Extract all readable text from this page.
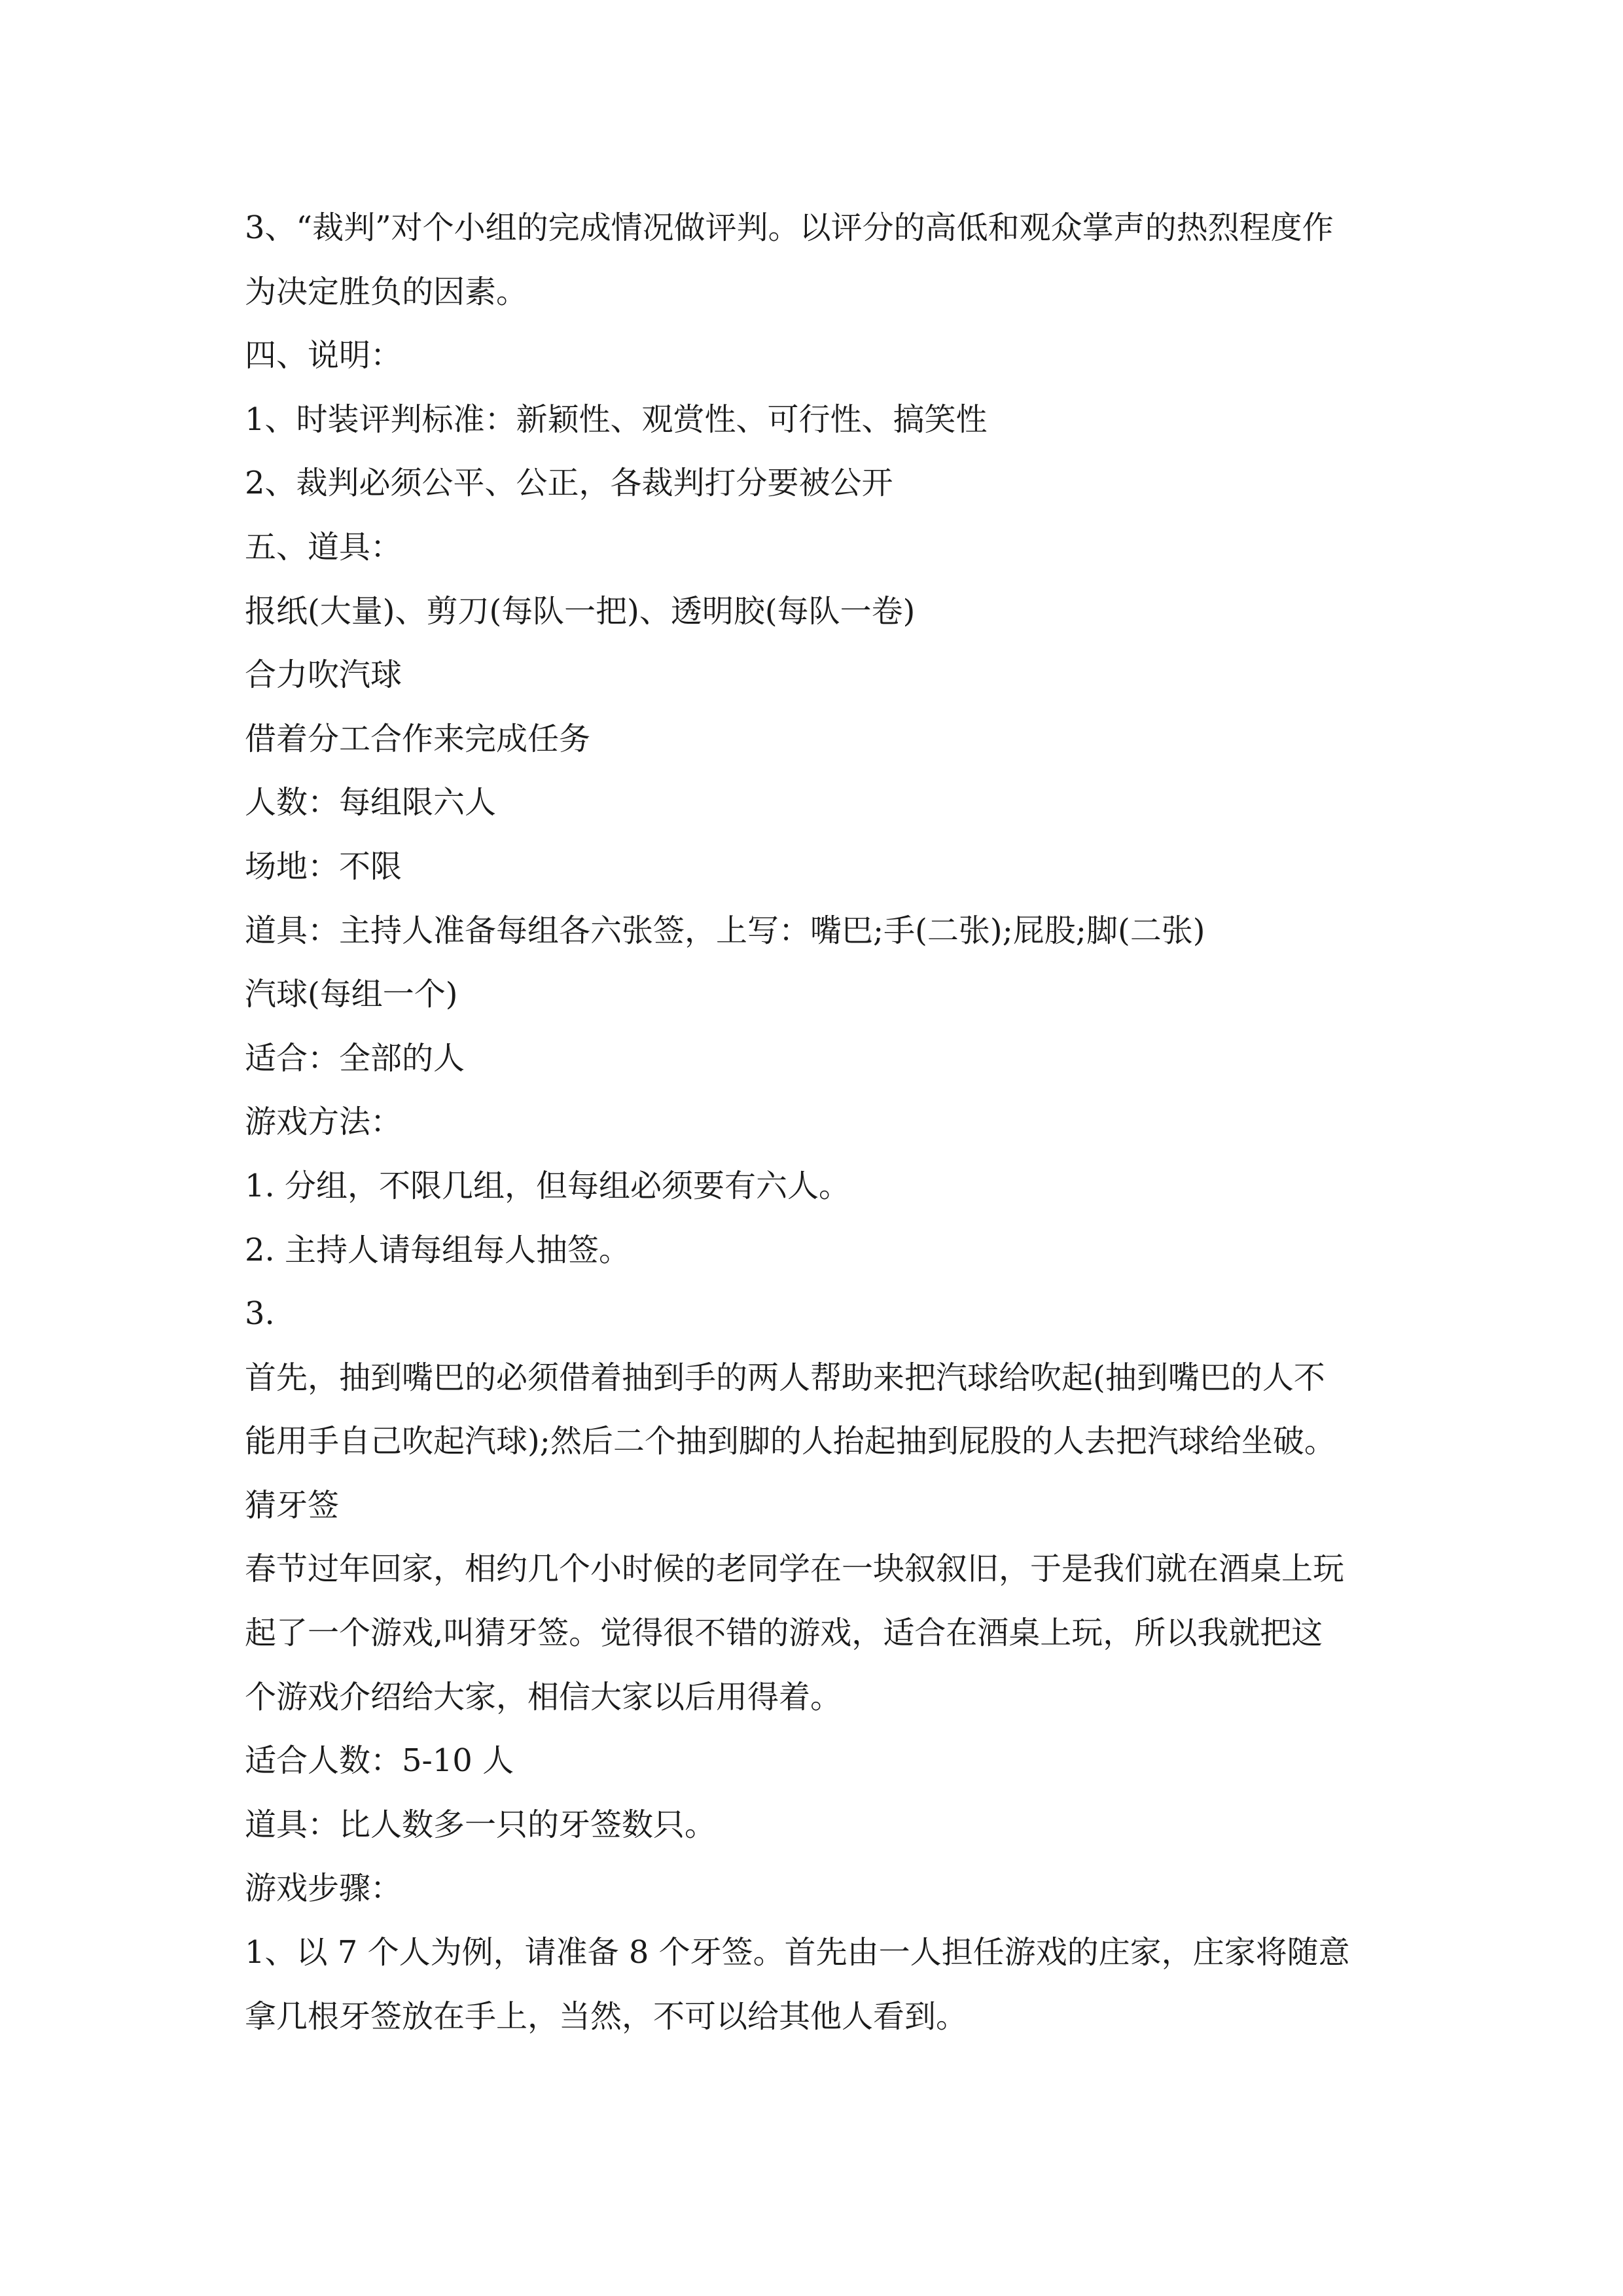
3、“裁判”对个小组的完成情况做评判。以评分的高低和观众掌声的热烈程度作
为决定胜负的因素。
四、说明：
1、时装评判标准：新颖性、观赏性、可行性、搞笑性
2、裁判必须公平、公正，各裁判打分要被公开
五、道具：
报纸(大量)、剪刀(每队一把)、透明胶(每队一卷)
合力吹汽球
借着分工合作来完成任务
人数：每组限六人
场地：不限
道具：主持人准备每组各六张签，上写：嘴巴;手(二张);屁股;脚(二张)
汽球(每组一个)
适合：全部的人
游戏方法：
1. 分组，不限几组，但每组必须要有六人。
2. 主持人请每组每人抽签。
3.
首先，抽到嘴巴的必须借着抽到手的两人帮助来把汽球给吹起(抽到嘴巴的人不
能用手自己吹起汽球);然后二个抽到脚的人抬起抽到屁股的人去把汽球给坐破。
猜牙签
春节过年回家，相约几个小时候的老同学在一块叙叙旧，于是我们就在酒桌上玩
起了一个游戏,叫猜牙签。觉得很不错的游戏，适合在酒桌上玩，所以我就把这
个游戏介绍给大家，相信大家以后用得着。
适合人数：5-10 人
道具：比人数多一只的牙签数只。
游戏步骤：
1、以 7 个人为例，请准备 8 个牙签。首先由一人担任游戏的庄家，庄家将随意
拿几根牙签放在手上，当然，不可以给其他人看到。
